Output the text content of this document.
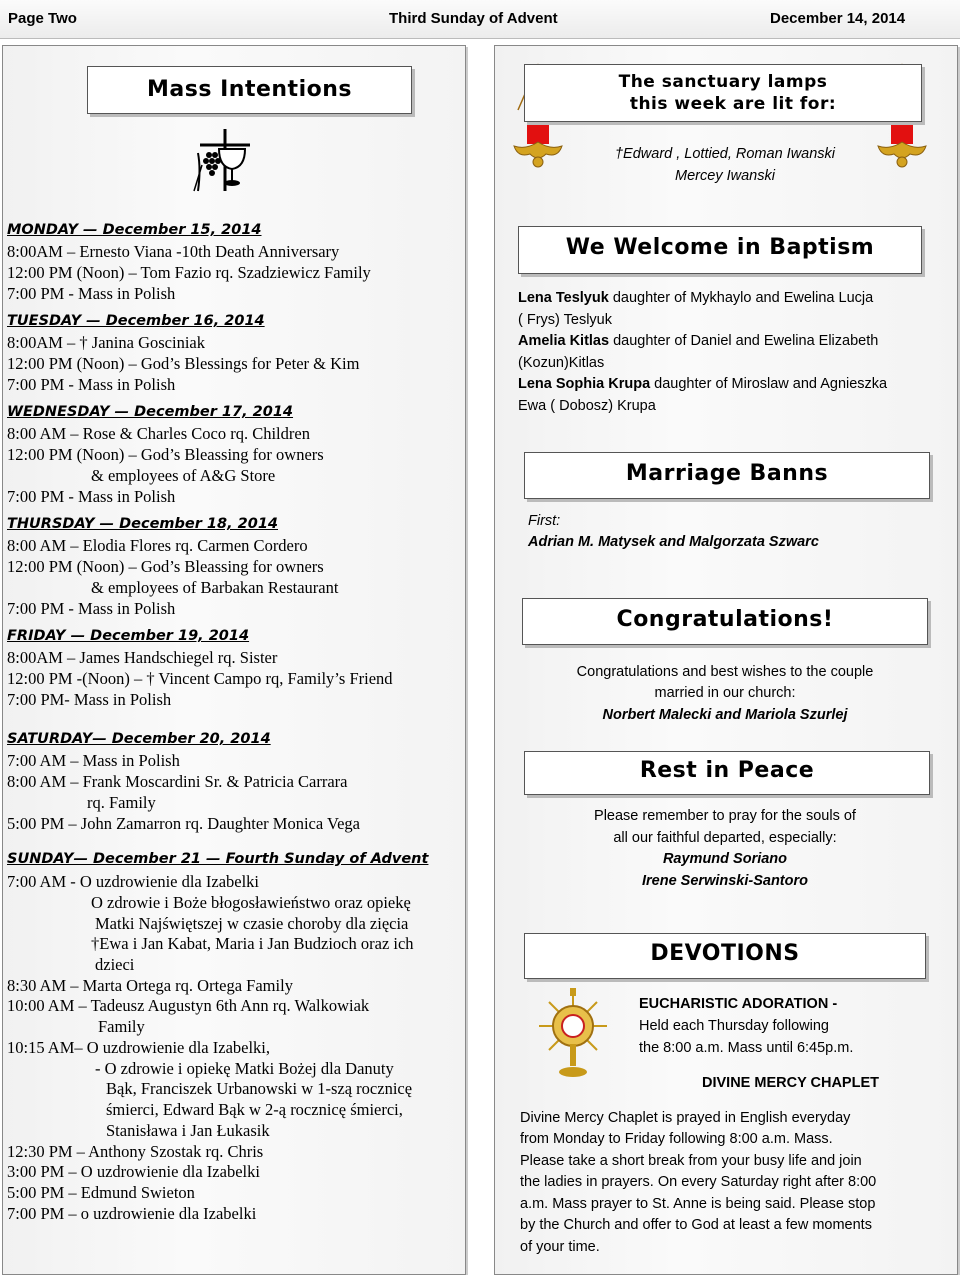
Page Two	Third Sunday of Advent	December 14, 2014
Mass Intentions
MONDAY — December 15, 2014
8:00AM – Ernesto Viana -10th Death Anniversary
12:00 PM (Noon) – Tom Fazio rq. Szadziewicz Family
7:00 PM - Mass in Polish
TUESDAY — December 16, 2014
8:00AM – † Janina Gosciniak
12:00 PM (Noon) – God’s Blessings for Peter & Kim
7:00 PM - Mass in Polish
WEDNESDAY — December 17, 2014
8:00 AM – Rose & Charles Coco rq. Children
12:00 PM (Noon) – God’s Bleassing for owners
& employees of A&G Store
7:00 PM - Mass in Polish
THURSDAY — December 18, 2014
8:00 AM – Elodia Flores rq. Carmen Cordero
12:00 PM (Noon) – God’s Bleassing for owners
& employees of Barbakan Restaurant
7:00 PM - Mass in Polish
FRIDAY — December 19, 2014
8:00AM – James Handschiegel rq. Sister
12:00 PM -(Noon) – † Vincent Campo rq, Family’s Friend
7:00 PM- Mass in Polish
SATURDAY— December 20, 2014
7:00 AM – Mass in Polish
8:00 AM – Frank Moscardini Sr. & Patricia Carrara
rq. Family
5:00 PM – John Zamarron rq. Daughter Monica Vega
SUNDAY— December 21 — Fourth Sunday of Advent
7:00 AM - O uzdrowienie dla Izabelki
O zdrowie i Boże błogosławieństwo oraz opiekę
Matki Najświętszej w czasie choroby dla zięcia
†Ewa i Jan Kabat, Maria i Jan Budzioch oraz ich
dzieci
8:30 AM – Marta Ortega rq. Ortega Family
10:00 AM – Tadeusz Augustyn 6th Ann rq. Walkowiak
Family
10:15 AM– O uzdrowienie dla Izabelki,
- O zdrowie i opiekę Matki Bożej dla Danuty
Bąk, Franciszek Urbanowski w 1-szą rocznicę
śmierci, Edward Bąk w 2-ą rocznicę śmierci,
Stanisława i Jan Łukasik
12:30 PM – Anthony Szostak rq. Chris
3:00 PM – O uzdrowienie dla Izabelki
5:00 PM – Edmund Swieton
7:00 PM – o uzdrowienie dla Izabelki
The sanctuary lamps
this week are lit for:
†Edward , Lottied, Roman Iwanski
Mercey Iwanski
We Welcome in Baptism
Lena Teslyuk daughter of Mykhaylo and Ewelina Lucja
( Frys) Teslyuk
Amelia Kitlas daughter of Daniel and Ewelina Elizabeth
(Kozun)Kitlas
Lena Sophia Krupa daughter of Miroslaw and Agnieszka
Ewa ( Dobosz) Krupa
Marriage Banns
First:
Adrian M. Matysek and Malgorzata Szwarc
Congratulations!
Congratulations and best wishes to the couple
married in our church:
Norbert Malecki and Mariola Szurlej
Rest in Peace
Please remember to pray for the souls of
all our faithful departed, especially:
Raymund Soriano
Irene Serwinski-Santoro
DEVOTIONS
EUCHARISTIC ADORATION -
Held each Thursday following
the 8:00 a.m. Mass until 6:45p.m.
DIVINE MERCY CHAPLET
Divine Mercy Chaplet is prayed in English everyday
from Monday to Friday following 8:00 a.m. Mass.
Please take a short break from your busy life and join
the ladies in prayers. On every Saturday right after 8:00
a.m. Mass prayer to St. Anne is being said. Please stop
by the Church and offer to God at least a few moments
of your time.
